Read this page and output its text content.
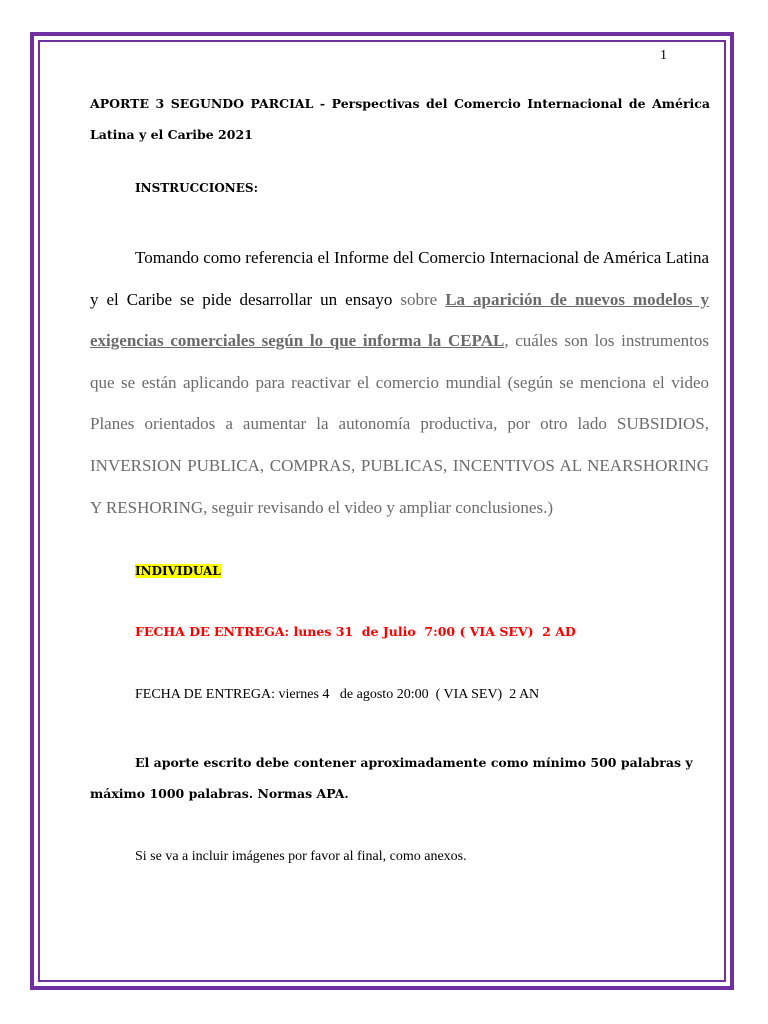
1
APORTE 3 SEGUNDO PARCIAL - Perspectivas del Comercio Internacional de América Latina y el Caribe 2021
INSTRUCCIONES:
Tomando como referencia el Informe del Comercio Internacional de América Latina y el Caribe se pide desarrollar un ensayo sobre La aparición de nuevos modelos y exigencias comerciales según lo que informa la CEPAL, cuáles son los instrumentos que se están aplicando para reactivar el comercio mundial (según se menciona el video Planes orientados a aumentar la autonomía productiva, por otro lado SUBSIDIOS, INVERSION PUBLICA, COMPRAS, PUBLICAS, INCENTIVOS AL NEARSHORING Y RESHORING, seguir revisando el video y ampliar conclusiones.)
INDIVIDUAL
FECHA DE ENTREGA: lunes 31  de Julio  7:00 ( VIA SEV)  2 AD
FECHA DE ENTREGA: viernes 4   de agosto 20:00  ( VIA SEV)  2 AN
El aporte escrito debe contener aproximadamente como mínimo 500 palabras y máximo 1000 palabras. Normas APA.
Si se va a incluir imágenes por favor al final, como anexos.
